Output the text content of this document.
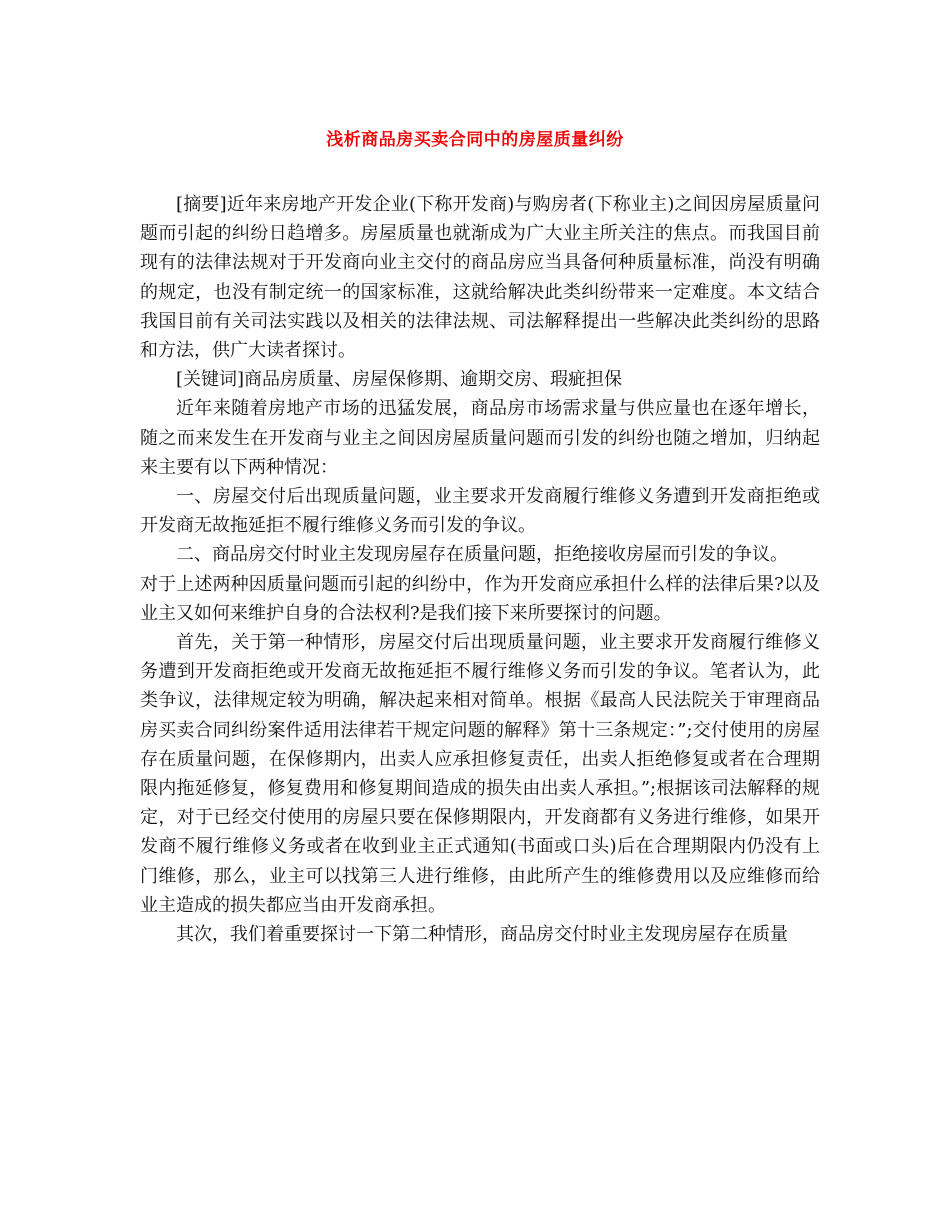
浅析商品房买卖合同中的房屋质量纠纷

[摘要]近年来房地产开发企业(下称开发商)与购房者(下称业主)之间因房屋质量问题而引起的纠纷日趋增多。房屋质量也就渐成为广大业主所关注的焦点。而我国目前现有的法律法规对于开发商向业主交付的商品房应当具备何种质量标准，尚没有明确的规定，也没有制定统一的国家标准，这就给解决此类纠纷带来一定难度。本文结合我国目前有关司法实践以及相关的法律法规、司法解释提出一些解决此类纠纷的思路和方法，供广大读者探讨。

[关键词]商品房质量、房屋保修期、逾期交房、瑕疵担保

近年来随着房地产市场的迅猛发展，商品房市场需求量与供应量也在逐年增长，随之而来发生在开发商与业主之间因房屋质量问题而引发的纠纷也随之增加，归纳起来主要有以下两种情况：

一、房屋交付后出现质量问题，业主要求开发商履行维修义务遭到开发商拒绝或开发商无故拖延拒不履行维修义务而引发的争议。

二、商品房交付时业主发现房屋存在质量问题，拒绝接收房屋而引发的争议。

对于上述两种因质量问题而引起的纠纷中，作为开发商应承担什么样的法律后果?以及业主又如何来维护自身的合法权利?是我们接下来所要探讨的问题。

首先，关于第一种情形，房屋交付后出现质量问题，业主要求开发商履行维修义务遭到开发商拒绝或开发商无故拖延拒不履行维修义务而引发的争议。笔者认为，此类争议，法律规定较为明确，解决起来相对简单。根据《最高人民法院关于审理商品房买卖合同纠纷案件适用法律若干规定问题的解释》第十三条规定：”;交付使用的房屋存在质量问题，在保修期内，出卖人应承担修复责任，出卖人拒绝修复或者在合理期限内拖延修复，修复费用和修复期间造成的损失由出卖人承担。”;根据该司法解释的规定，对于已经交付使用的房屋只要在保修期限内，开发商都有义务进行维修，如果开发商不履行维修义务或者在收到业主正式通知(书面或口头)后在合理期限内仍没有上门维修，那么，业主可以找第三人进行维修，由此所产生的维修费用以及应维修而给业主造成的损失都应当由开发商承担。

其次，我们着重要探讨一下第二种情形，商品房交付时业主发现房屋存在质量
